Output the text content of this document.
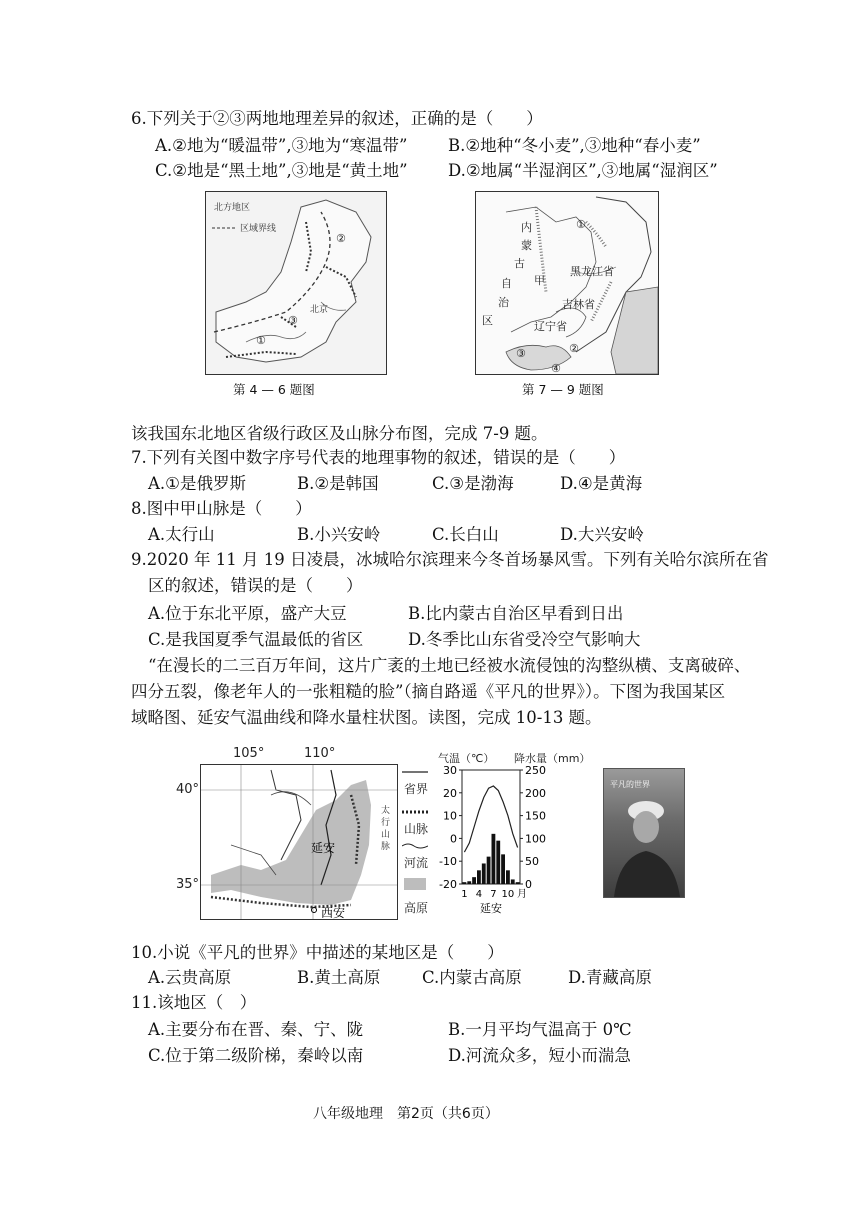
6.下列关于②③两地地理差异的叙述，正确的是（　　）
A.②地为“暖温带”,③地为“寒温带” B.②地种“冬小麦”,③地种“春小麦”
C.②地是“黑土地”,③地是“黄土地” D.②地属“半湿润区”,③地属“湿润区”
北方地区
区域界线
②
③
①
北京
第 4 — 6 题图
内
蒙
古
甲
自
治
区
①
黑龙江省
吉林省
辽宁省
②
③
④
第 7 — 9 题图
该我国东北地区省级行政区及山脉分布图，完成 7-9 题。
7.下列有关图中数字序号代表的地理事物的叙述，错误的是（　　）
A.①是俄罗斯	B.②是韩国	C.③是渤海	D.④是黄海
8.图中甲山脉是（　　）
A.太行山	B.小兴安岭	C.长白山	D.大兴安岭
9.2020 年 11 月 19 日凌晨，冰城哈尔滨理来今冬首场暴风雪。下列有关哈尔滨所在省
区的叙述，错误的是（　　）
A.位于东北平原，盛产大豆	B.比内蒙古自治区早看到日出
C.是我国夏季气温最低的省区	D.冬季比山东省受冷空气影响大
“在漫长的二三百万年间，这片广袤的土地已经被水流侵蚀的沟整纵横、支离破碎、
四分五裂，像老年人的一张粗糙的脸”（摘自路遥《平凡的世界》）。下图为我国某区
域略图、延安气温曲线和降水量柱状图。读图，完成 10-13 题。
105°	110°
40°
35°
延安
西安
太
行
山
脉
省界
山脉
河流
高原
气温（℃） 降水量（mm）
30
20
10
0
-10
-20
250
200
150
100
50
0
1 4 7 10 月
延安
平凡的世界
10.小说《平凡的世界》中描述的某地区是（　　）
A.云贵高原	B.黄土高原	C.内蒙古高原	D.青藏高原
11.该地区（　）
A.主要分布在晋、秦、宁、陇	B.一月平均气温高于 0℃
C.位于第二级阶梯，秦岭以南	D.河流众多，短小而湍急
八年级地理　第2页（共6页）
